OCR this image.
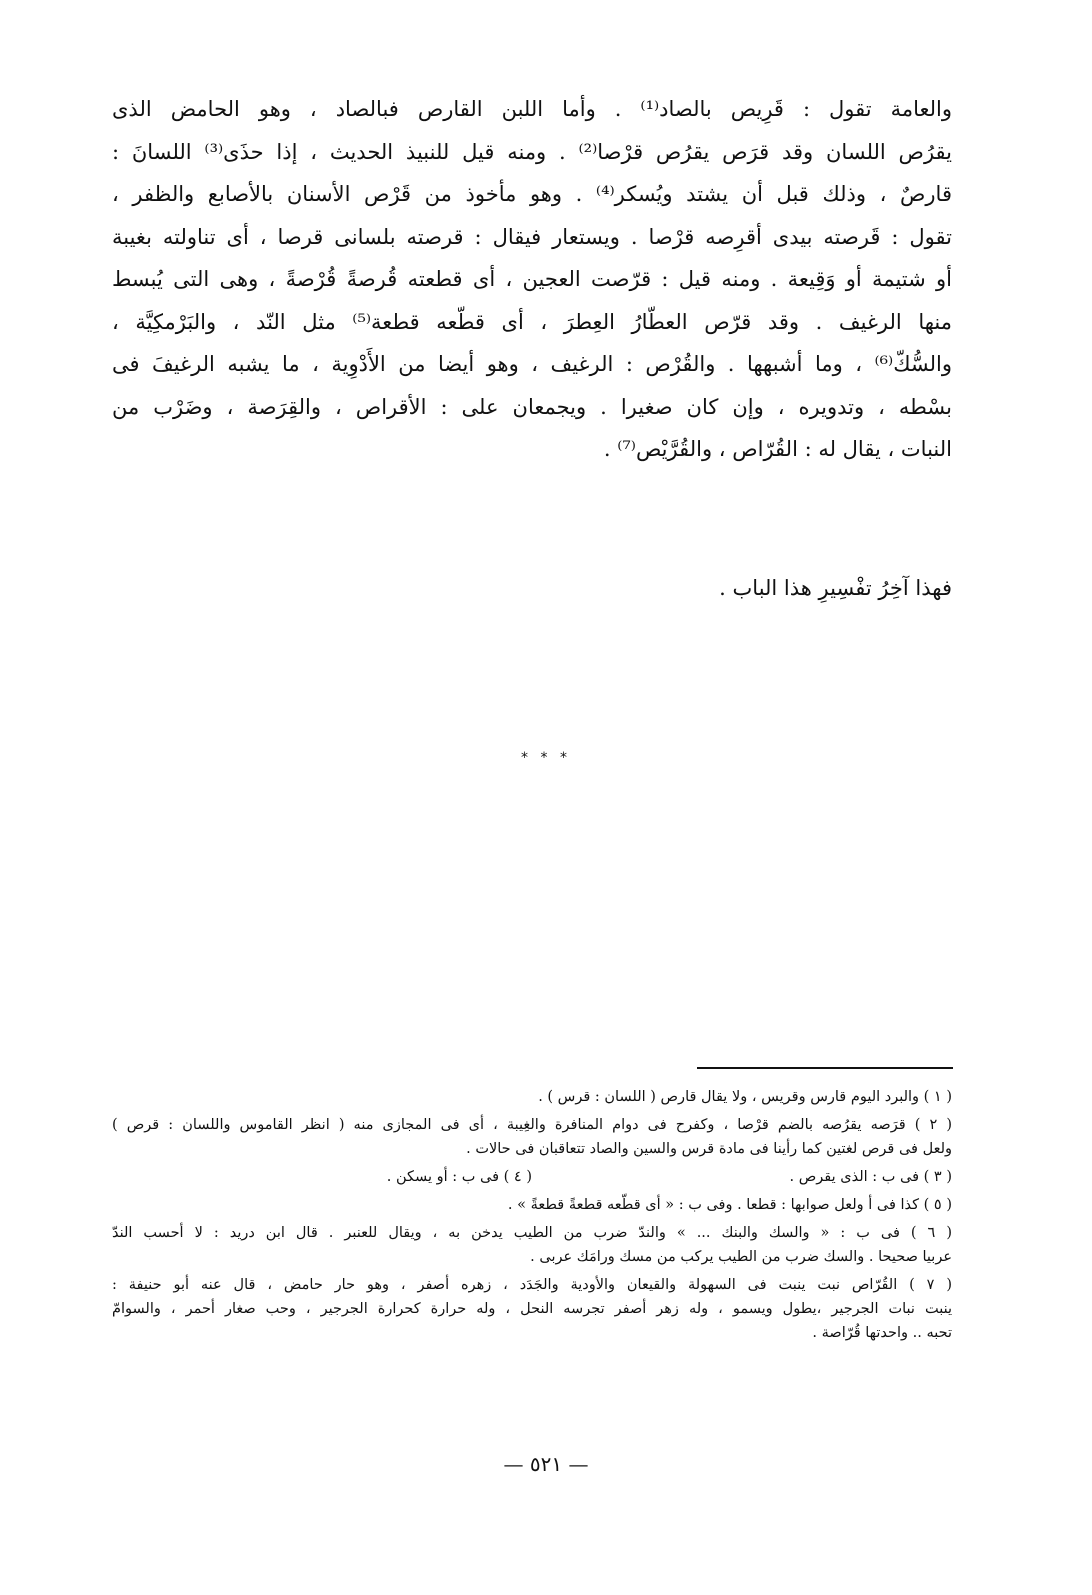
والعامة تقول : قَرِيص بالصاد⁽¹⁾ . وأما اللبن القارص فبالصاد ، وهو الحامض الذى
يقرُص اللسان وقد قرَص يقرُص قرْصا⁽²⁾ . ومنه قيل للنبيذ الحديث ، إذا حذَى⁽³⁾ اللسانَ :
قارصٌ ، وذلك قبل أن يشتد ويُسكر⁽⁴⁾ . وهو مأخوذ من قَرْص الأسنان بالأصابع والظفر ،
تقول : قَرصته بيدى أقرِصه قرْصا . ويستعار فيقال : قرصته بلسانى قرصا ، أى تناولته بغيبة
أو شتيمة أو وَقِيعة . ومنه قيل : قرّصت العجين ، أى قطعته قُرصةً قُرْصةً ، وهى التى يُبسط
منها الرغيف . وقد قرّص العطّارُ العِطرَ ، أى قطّعه قطعة⁽⁵⁾ مثل النّد ، والبَرْمكِيَّة ،
والسُّكّ⁽⁶⁾ ، وما أشبهها . والقُرْص : الرغيف ، وهو أيضا من الأَدْوِية ، ما يشبه الرغيفَ فى
بسْطه ، وتدويره ، وإن كان صغيرا . ويجمعان على : الأقراص ، والقِرَصة ، وضَرْب من
النبات ، يقال له : القُرّاص ، والقُرَّيْص⁽⁷⁾ .
فهذا آخِرُ تفْسِيرِ هذا الباب .
* * *
( ١ ) والبرد اليوم قارس وقريس ، ولا يقال قارص ( اللسان : قرس ) .
( ٢ ) قرَصه يقرُصه بالضم قرْصا ، وكفرح فى دوام المنافرة والغِيبة ، أى فى المجازى منه ( انظر القاموس واللسان : قرص )
ولعل فى قرص لغتين كما رأينا فى مادة قرس والسين والصاد تتعاقبان فى حالات .
( ٣ ) فى ب : الذى يقرص .
( ٤ ) فى ب : أو يسكن .
( ٥ ) كذا فى أ ولعل صوابها : قطعا . وفى ب : « أى قطّعه قطعةً قطعةً » .
( ٦ ) فى ب : « والسك والبنك ... » والندّ ضرب من الطيب يدخن به ، ويقال للعنبر . قال ابن دريد : لا أحسب الندّ
عربيا صحيحا . والسك ضرب من الطيب يركب من مسك ورامَك عربى .
( ٧ ) القُرّاص نبت ينبت فى السهولة والقيعان والأودية والجَدَد ، زهره أصفر ، وهو حار حامض ، قال عنه أبو حنيفة :
ينبت نبات الجرجير ،يطول ويسمو ، وله زهر أصفر تجرسه النحل ، وله حرارة كحرارة الجرجير ، وحب صغار أحمر ، والسوامّ
تحبه .. واحدتها قُرّاصة .
— ٥٢١ —
